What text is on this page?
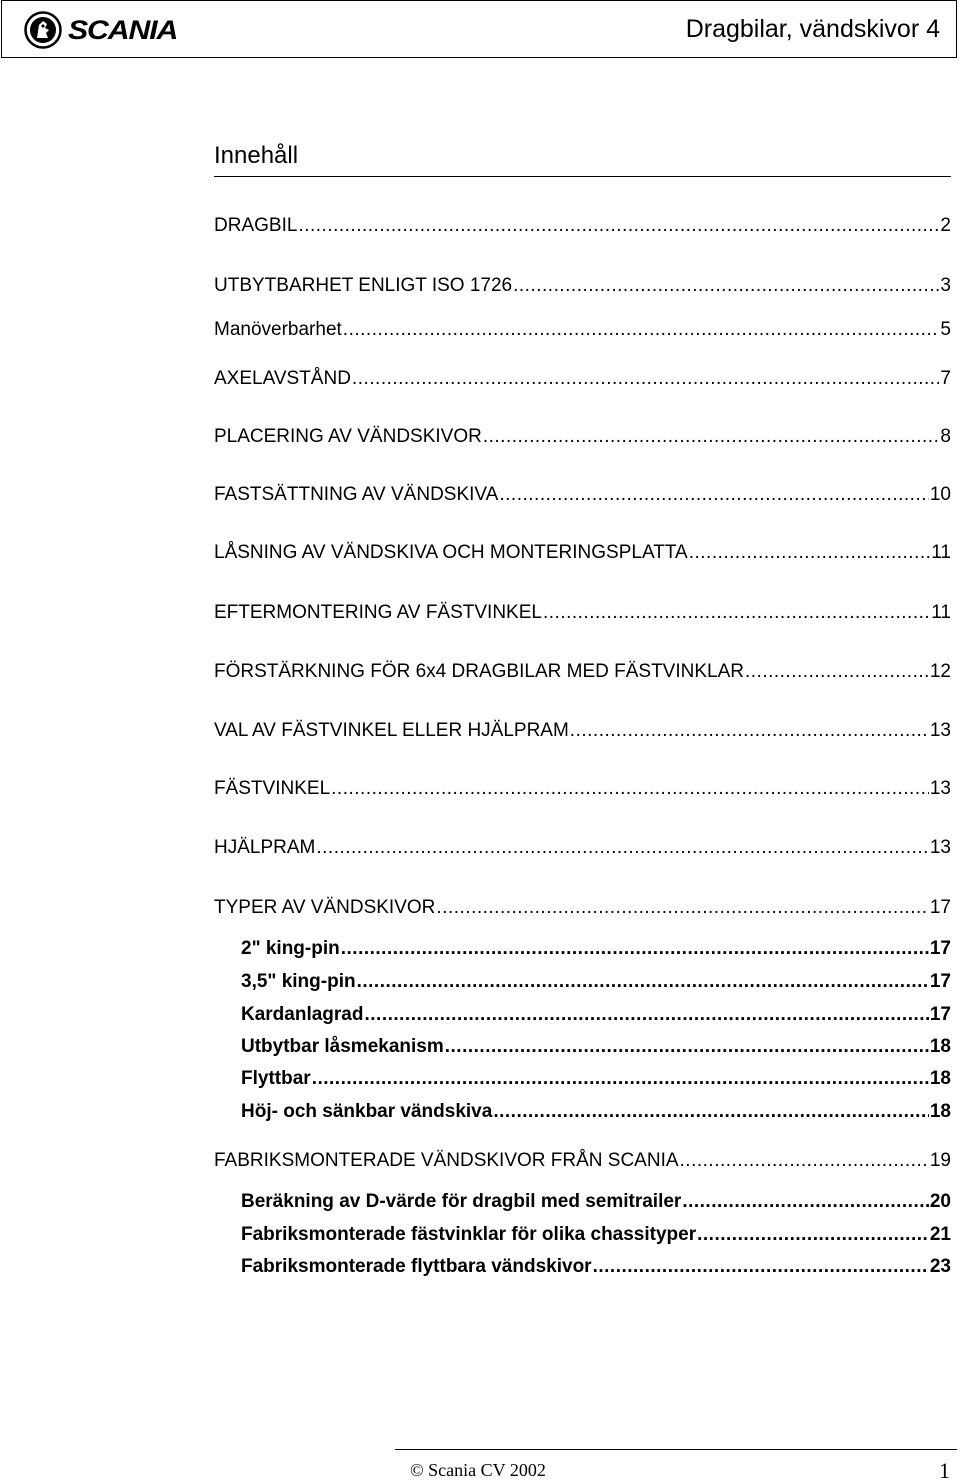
SCANIA	Dragbilar, vändskivor 4
Innehåll
DRAGBIL .....	2
UTBYTBARHET ENLIGT ISO 1726 .....	3
Manöverbarhet .....	5
AXELAVSTÅND .....	7
PLACERING AV VÄNDSKIVOR .....	8
FASTSÄTTNING AV VÄNDSKIVA .....	10
LÅSNING AV VÄNDSKIVA OCH MONTERINGSPLATTA .....	11
EFTERMONTERING AV FÄSTVINKEL .....	11
FÖRSTÄRKNING FÖR 6x4 DRAGBILAR MED FÄSTVINKLAR .....	12
VAL AV FÄSTVINKEL ELLER HJÄLPRAM .....	13
FÄSTVINKEL .....	13
HJÄLPRAM .....	13
TYPER AV VÄNDSKIVOR .....	17
2" king-pin .....	17
3,5" king-pin .....	17
Kardanlagrad .....	17
Utbytbar låsmekanism .....	18
Flyttbar .....	18
Höj- och sänkbar vändskiva .....	18
FABRIKSMONTERADE VÄNDSKIVOR FRÅN SCANIA .....	19
Beräkning av D-värde för dragbil med semitrailer .....	20
Fabriksmonterade fästvinklar för olika chassityper .....	21
Fabriksmonterade flyttbara vändskivor .....	23
© Scania CV 2002	1
